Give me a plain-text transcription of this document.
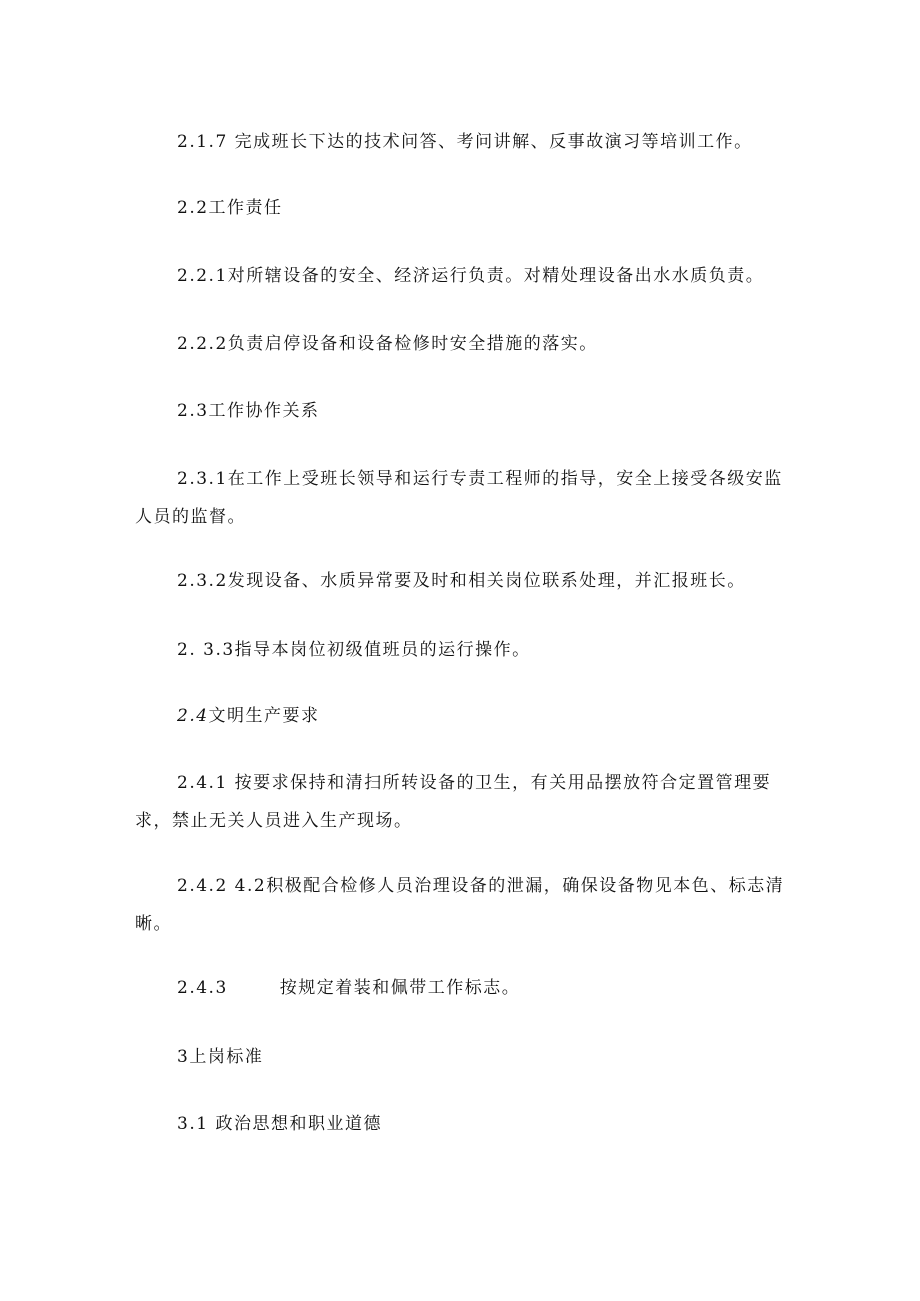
2.1.7 完成班长下达的技术问答、考问讲解、反事故演习等培训工作。
2.2工作责任
2.2.1对所辖设备的安全、经济运行负责。对精处理设备出水水质负责。
2.2.2负责启停设备和设备检修时安全措施的落实。
2.3工作协作关系
2.3.1在工作上受班长领导和运行专责工程师的指导，安全上接受各级安监人员的监督。
2.3.2发现设备、水质异常要及时和相关岗位联系处理，并汇报班长。
2. 3.3指导本岗位初级值班员的运行操作。
2.4文明生产要求
2.4.1 按要求保持和清扫所转设备的卫生，有关用品摆放符合定置管理要求，禁止无关人员进入生产现场。
2.4.2 4.2积极配合检修人员治理设备的泄漏，确保设备物见本色、标志清晰。
2.4.3	按规定着装和佩带工作标志。
3上岗标准
3.1 政治思想和职业道德
